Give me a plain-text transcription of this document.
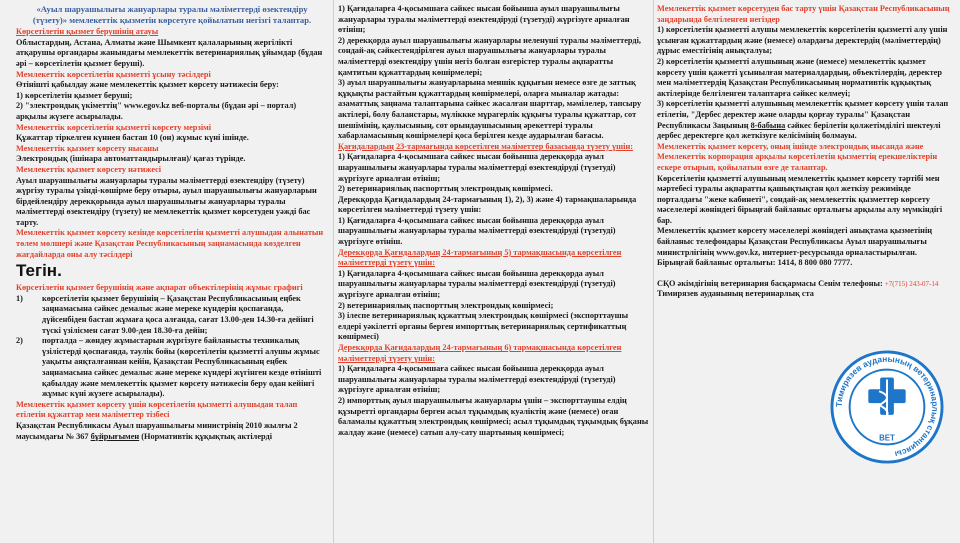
«Ауыл шаруашылығы жануарлары туралы мәліметтерді өзектендіру (түзету)» мемлекеттік қызметін көрсетуге қойылатын негізгі талаптар.

Көрсетілетін қызмет берушінің атауы

Облыстардың, Астана, Алматы және Шымкент қалаларының жергілікті атқарушы органдары жанындағы мемлекеттік ветеринариялық ұйымдар (бұдан әрі – көрсетілетін қызмет беруші).

Мемлекеттік көрсетілетін қызметті ұсыну тәсілдері

Өтінішті қабылдау және мемлекеттік қызмет көрсету нәтижесін беру:

1) көрсетілетін қызмет беруші;

2) "электрондық үкіметтің" www.egov.kz веб-порталы (бұдан әрі – портал) арқылы жүзеге асырылады.

Мемлекеттік көрсетілетін қызметті көрсету мерзімі

Құжаттар тіркелген күннен бастап 10 (он) жұмыс күні ішінде.

Мемлекеттік қызмет көрсету нысаны

Электрондық (ішінара автоматтандырылған)/ қағаз түрінде.

Мемлекеттік қызмет көрсету нәтижесі

Ауыл шаруашылығы жануарлары туралы мәліметтерді өзектендіру (түзету) жүргізу туралы үзінді-көшірме беру отыры, ауыл шаруашылығы жануарларын бірдейлендіру дерекқорында ауыл шаруашылығы жануарлары туралы мәліметтерді өзектендіру (түзету) не мемлекеттік қызмет көрсетуден уәжді бас тарту.

Мемлекеттік қызмет көрсету кезінде көрсетілетін қызметті алушыдан алынатын төлем мөлшері және Қазақстан Республикасының заңнамасында көзделген жағдайларда оны алу тәсілдері

Тегін.

Көрсетілетін қызмет берушінің және ақпарат объектілерінің жұмыс графигі

1)	көрсетілетін қызмет берушінің – Қазақстан Республикасының еңбек заңнамасына сәйкес демалыс және мереке күндерін қоспағанда, дүйсенбіден бастап жұмаға қоса алғанда, сағат 13.00-ден 14.30-ға дейінгі түскі үзілісмен сағат 9.00-ден 18.30-ға дейін;
2)	порталда – жөндеу жұмыстарын жүргізуге байланысты техникалық үзілістерді қоспағанда, тәулік бойы (көрсетілетін қызметті алушы жұмыс уақыты аяқталғаннан кейін, Қазақстан Республикасының еңбек заңнамасына сәйкес демалыс және мереке күндері жүгінген кезде өтінішті қабылдау және мемлекеттік қызмет көрсету нәтижесін беру одан кейінгі жұмыс күні жүзеге асырылады).

Мемлекеттік қызмет көрсету үшін көрсетілетін қызметті алушыдан талап етілетін құжаттар мен мәліметтер тізбесі

Қазақстан Республикасы Ауыл шаруашылығы министрінің 2010 жылғы 2 маусымдағы № 367 бұйрығымен (Нормативтік құқықтық актілерді

1) Қағидаларға 4-қосымшаға сәйкес нысан бойынша ауыл шаруашылығы жануарлары туралы мәліметтерді өзектендіруді (түзетуді) жүргізуге арналған өтініш;

2) дерекқорда ауыл шаруашылығы жануарлары иеленуші туралы мәліметтерді, сондай-ақ сәйкестендірілген ауыл шаруашылығы жануарлары туралы мәліметтерді өзектендіру үшін негіз болған өзгерістер туралы ақпаратты қамтитын құжаттардың көшірмелері;

3) ауыл шаруашылығы жануарларына меншік құқығын немесе өзге де заттық құқықты растайтын құжаттардың көшірмелері, оларға мыналар жатады: азаматтық заңнама талаптарына сәйкес жасалған шарттар, мәмілелер, тапсыру актілері, болу баланстары, мүліккке мұрагерлік құқығы туралы құжаттар, сот шешімінің, қаулысының, сот орындаушысының әрекеттері туралы хабарламасының көшірмелері қоса берілген кезде аударылған бағасы.

Қағидалардың 23-тармағында көрсетілген мәліметтер базасында түзету үшін:

1) Қағидаларға 4-қосымшаға сәйкес нысан бойынша дерекқорда ауыл шаруашылығы жануарлары туралы мәліметтерді өзектендіруді (түзетуді) жүргізуге арналған өтініш;

2) ветеринариялық паспорттың электрондық көшірмесі.

Дерекқорда Қағидалардың 24-тармағының 1), 2), 3) және 4) тармақшаларында көрсетілген мәліметтерді түзету үшін:

1) Қағидаларға 4-қосымшаға сәйкес нысан бойынша дерекқорда ауыл шаруашылығы жануарлары туралы мәліметтерді өзектендіруді (түзетуді) жүргізуге өтініш.

Дерекқорда Қағидалардың 24-тармағының 5) тармақшасында көрсетілген мәліметтерді түзету үшін:

1) Қағидаларға 4-қосымшаға сәйкес нысан бойынша дерекқорда ауыл шаруашылығы жануарлары туралы мәліметтерді өзектендіруді (түзетуді) жүргізуге арналған өтініш;

2) ветеринариялық паспорттың электрондық көшірмесі;

3) ілеспе ветеринариялық құжаттың электрондық көшірмесі (экспорттаушы елдері уәкілетті органы берген импорттық ветеринариялық сертификаттың көшірмесі)

Дерекқорда Қағидалардың 24-тармағының 6) тармақшасында көрсетілген мәліметтерді түзету үшін:

1) Қағидаларға 4-қосымшаға сәйкес нысан бойынша дерекқорда ауыл шаруашылығы жануарлары туралы мәліметтерді өзектендіруді (түзетуді) жүргізуге арналған өтініш;

2) импорттық ауыл шаруашылығы жануарлары үшін – экспорттаушы елдің құзыретті органдары берген асыл тұқымдық куәліктің және (немесе) оған баламалы құжаттың электрондық көшірмесі; асыл тұқымдық тұқымдық бұқаны жалдау және (немесе) сатып алу-сату шартының көшірмесі;

Мемлекеттік қызмет көрсетуден бас тарту үшін Қазақстан Республикасының заңдарында белгіленген негіздер

1) көрсетілетін қызметті алушы мемлекеттік көрсетілетін қызметті алу үшін ұсынған құжаттардың және (немесе) олардағы деректердің (мәліметтердің) дұрыс еместігінің анықталуы;

2) көрсетілетін қызметті алушының және (немесе) мемлекеттік қызмет көрсету үшін қажетті ұсынылған материалдардың, объектілердің, деректер мен мәліметтердің Қазақстан Республикасының нормативтік құқықтық актілерінде белгіленген талаптарға сәйкес келмеуі;

3) көрсетілетін қызметті алушының мемлекеттік қызмет көрсету үшін талап етілетін, "Дербес деректер және оларды қорғау туралы" Қазақстан Республикасы Заңының 8-бабына сәйкес берілетін қолжетімділігі шектеулі дербес деректерге қол жеткізуге келісімінің болмауы.

Мемлекеттік қызмет көрсету, оның ішінде электрондық нысанда және Мемлекеттік корпорация арқылы көрсетілетін қызметтің ерекшеліктерін ескере отырып, қойылатын өзге де талаптар.

Көрсетілетін қызметті алушының мемлекеттік қызмет көрсету тәртібі мен мәртебесі туралы ақпаратты қашықтықтан қол жеткізу режимінде порталдағы "жеке кабинеті", сондай-ақ мемлекеттік қызметтер көрсету мәселелері жөніндегі бірыңғай байланыс орталығы арқылы алу мүмкіндігі бар.

Мемлекеттік қызмет көрсету мәселелері жөніндегі анықтама қызметінің байланыс телефондары Қазақстан Республикасы Ауыл шаруашылығы министрлігінің www.gov.kz, интернет-ресурсында орналастырылған. Бірыңғай байланыс орталығы: 1414, 8 800 080 7777.

СҚО әкімдігінің ветеринария басқармасы Сенім телефоны: +7(715) 243-07-14
Тимирязев ауданының ветеринарлық ста
Тимирязев ауданының ветеринарлық станциясы
ВЕТ
